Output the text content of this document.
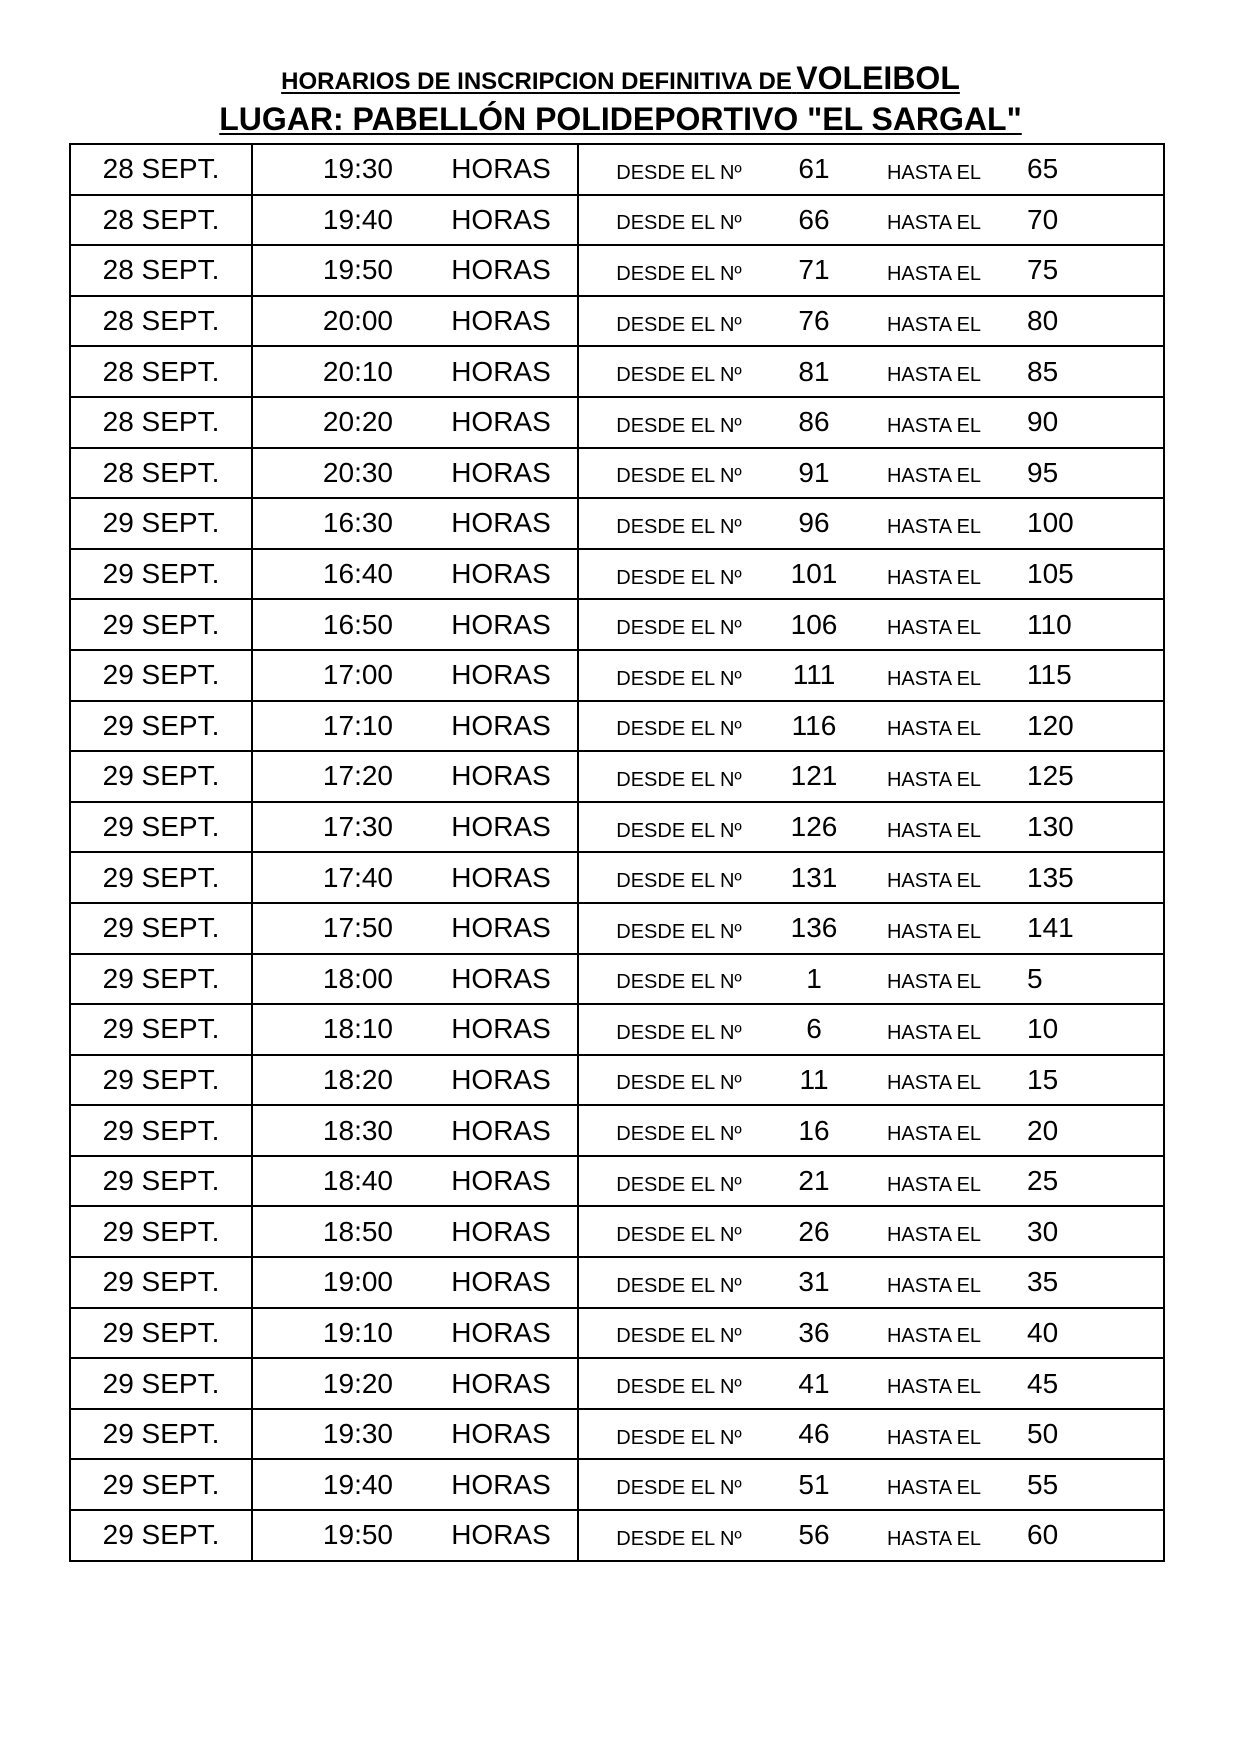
HORARIOS DE INSCRIPCION DEFINITIVA DE VOLEIBOL
LUGAR: PABELLÓN POLIDEPORTIVO "EL SARGAL"
28 SEPT.	19:30	HORAS	DESDE EL Nº	61	HASTA EL	65
28 SEPT.	19:40	HORAS	DESDE EL Nº	66	HASTA EL	70
28 SEPT.	19:50	HORAS	DESDE EL Nº	71	HASTA EL	75
28 SEPT.	20:00	HORAS	DESDE EL Nº	76	HASTA EL	80
28 SEPT.	20:10	HORAS	DESDE EL Nº	81	HASTA EL	85
28 SEPT.	20:20	HORAS	DESDE EL Nº	86	HASTA EL	90
28 SEPT.	20:30	HORAS	DESDE EL Nº	91	HASTA EL	95
29 SEPT.	16:30	HORAS	DESDE EL Nº	96	HASTA EL	100
29 SEPT.	16:40	HORAS	DESDE EL Nº	101	HASTA EL	105
29 SEPT.	16:50	HORAS	DESDE EL Nº	106	HASTA EL	110
29 SEPT.	17:00	HORAS	DESDE EL Nº	111	HASTA EL	115
29 SEPT.	17:10	HORAS	DESDE EL Nº	116	HASTA EL	120
29 SEPT.	17:20	HORAS	DESDE EL Nº	121	HASTA EL	125
29 SEPT.	17:30	HORAS	DESDE EL Nº	126	HASTA EL	130
29 SEPT.	17:40	HORAS	DESDE EL Nº	131	HASTA EL	135
29 SEPT.	17:50	HORAS	DESDE EL Nº	136	HASTA EL	141
29 SEPT.	18:00	HORAS	DESDE EL Nº	1	HASTA EL	5
29 SEPT.	18:10	HORAS	DESDE EL Nº	6	HASTA EL	10
29 SEPT.	18:20	HORAS	DESDE EL Nº	11	HASTA EL	15
29 SEPT.	18:30	HORAS	DESDE EL Nº	16	HASTA EL	20
29 SEPT.	18:40	HORAS	DESDE EL Nº	21	HASTA EL	25
29 SEPT.	18:50	HORAS	DESDE EL Nº	26	HASTA EL	30
29 SEPT.	19:00	HORAS	DESDE EL Nº	31	HASTA EL	35
29 SEPT.	19:10	HORAS	DESDE EL Nº	36	HASTA EL	40
29 SEPT.	19:20	HORAS	DESDE EL Nº	41	HASTA EL	45
29 SEPT.	19:30	HORAS	DESDE EL Nº	46	HASTA EL	50
29 SEPT.	19:40	HORAS	DESDE EL Nº	51	HASTA EL	55
29 SEPT.	19:50	HORAS	DESDE EL Nº	56	HASTA EL	60
